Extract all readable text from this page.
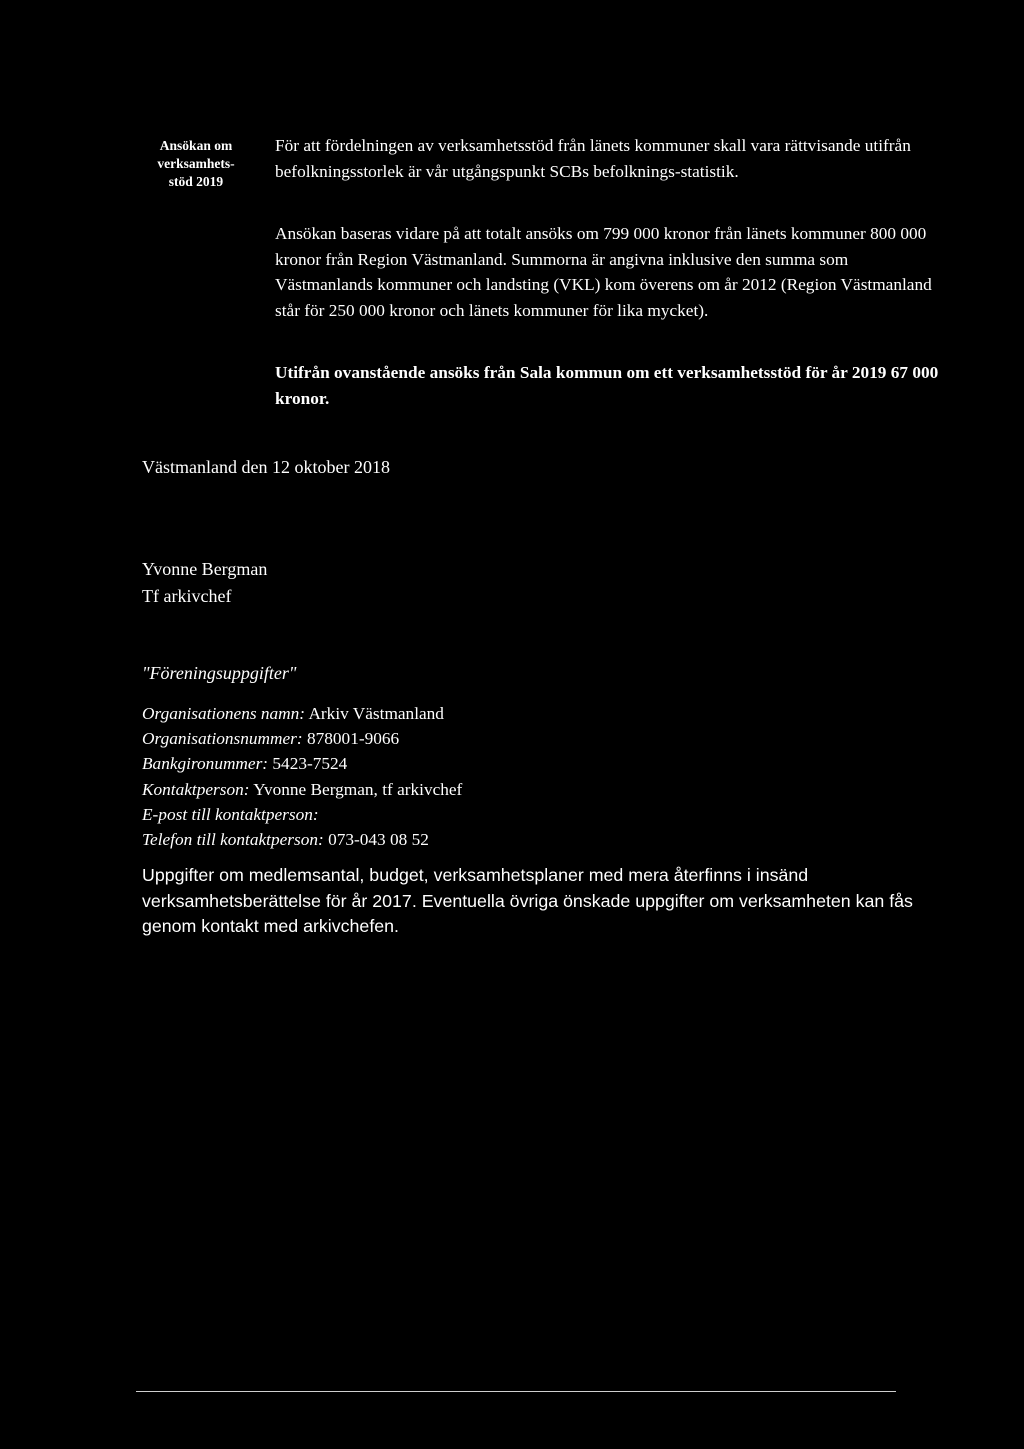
Ansökan om
verksamhets-
stöd 2019

För att fördelningen av verksamhetsstöd från länets kommuner skall vara rättvisande utifrån befolkningsstorlek är vår utgångspunkt SCBs befolknings-statistik.

Ansökan baseras vidare på att totalt ansöks om 799 000 kronor från länets kommuner 800 000 kronor från Region Västmanland. Summorna är angivna inklusive den summa som Västmanlands kommuner och landsting (VKL) kom överens om år 2012 (Region Västmanland står för 250 000 kronor och länets kommuner för lika mycket).

Utifrån ovanstående ansöks från Sala kommun om ett verksamhetsstöd för år 2019 67 000 kronor.

Västmanland den 12 oktober 2018

Yvonne Bergman
Tf arkivchef
"Föreningsuppgifter"
Organisationens namn: Arkiv Västmanland
Organisationsnummer: 878001-9066
Bankgironummer: 5423-7524
Kontaktperson: Yvonne Bergman, tf arkivchef
E-post till kontaktperson:
Telefon till kontaktperson: 073-043 08 52

Uppgifter om medlemsantal, budget, verksamhetsplaner med mera återfinns i insänd verksamhetsberättelse för år 2017. Eventuella övriga önskade uppgifter om verksamheten kan fås genom kontakt med arkivchefen.
